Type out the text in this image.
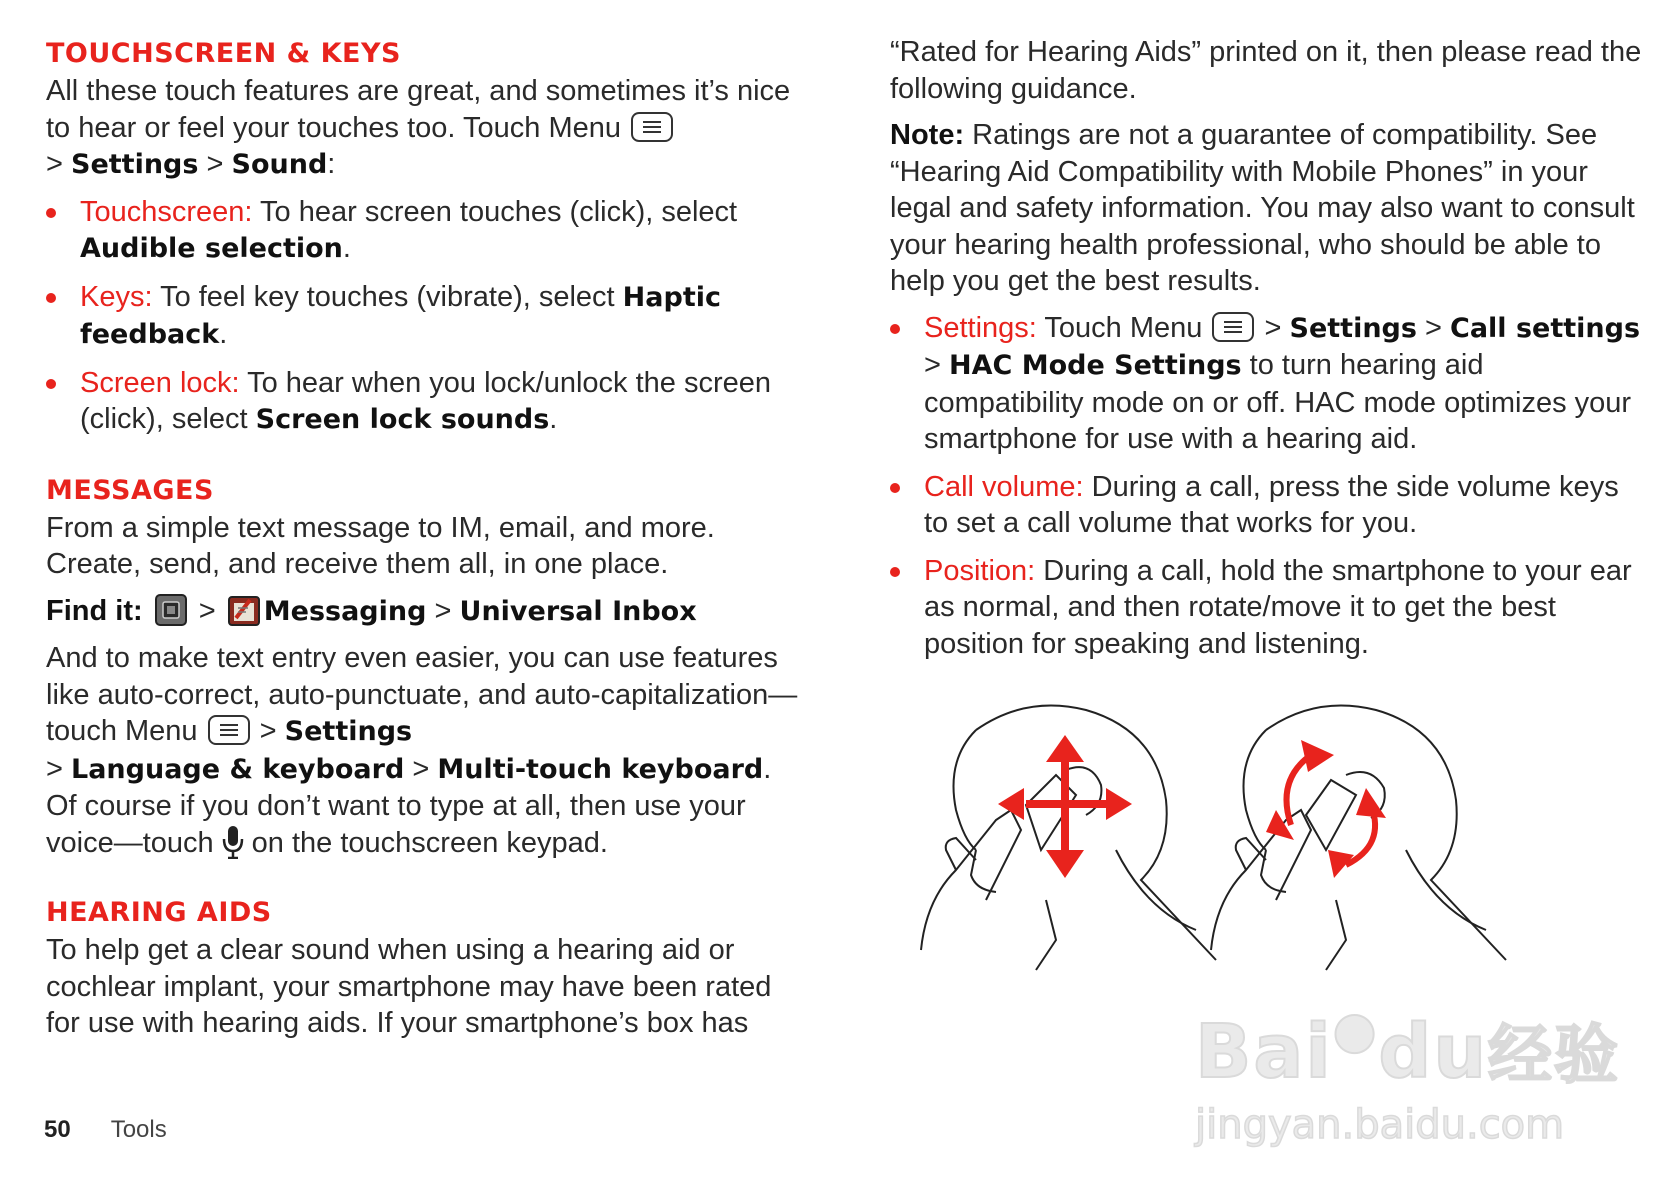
TOUCHSCREEN & KEYS

All these touch features are great, and sometimes it’s nice to hear or feel your touches too. Touch Menu

> Settings > Sound:

Touchscreen: To hear screen touches (click), select Audible selection.
Keys: To feel key touches (vibrate), select Haptic feedback.
Screen lock: To hear when you lock/unlock the screen (click), select Screen lock sounds.
MESSAGES

From a simple text message to IM, email, and more. Create, send, and receive them all, in one place.

Find it:  > Messaging > Universal Inbox

And to make text entry even easier, you can use features like auto-correct, auto-punctuate, and auto-capitalization—touch Menu
> Settings
> Language & keyboard > Multi-touch keyboard. Of course if you don’t want to type at all, then use your voice—touch on the touchscreen keypad.

HEARING AIDS

To help get a clear sound when using a hearing aid or cochlear implant, your smartphone may have been rated for use with hearing aids. If your smartphone’s box has

“Rated for Hearing Aids” printed on it, then please read the following guidance.

Note: Ratings are not a guarantee of compatibility. See “Hearing Aid Compatibility with Mobile Phones” in your legal and safety information. You may also want to consult your hearing health professional, who should be able to help you get the best results.

Settings: Touch Menu
> Settings > Call settings
> HAC Mode Settings to turn hearing aid compatibility mode on or off. HAC mode optimizes your smartphone for use with a hearing aid.
Call volume: During a call, press the side volume keys to set a call volume that works for you.
Position: During a call, hold the smartphone to your ear as normal, and then rotate/move it to get the best position for speaking and listening.
Bai●du经验
jingyan.baidu.com
50 Tools
